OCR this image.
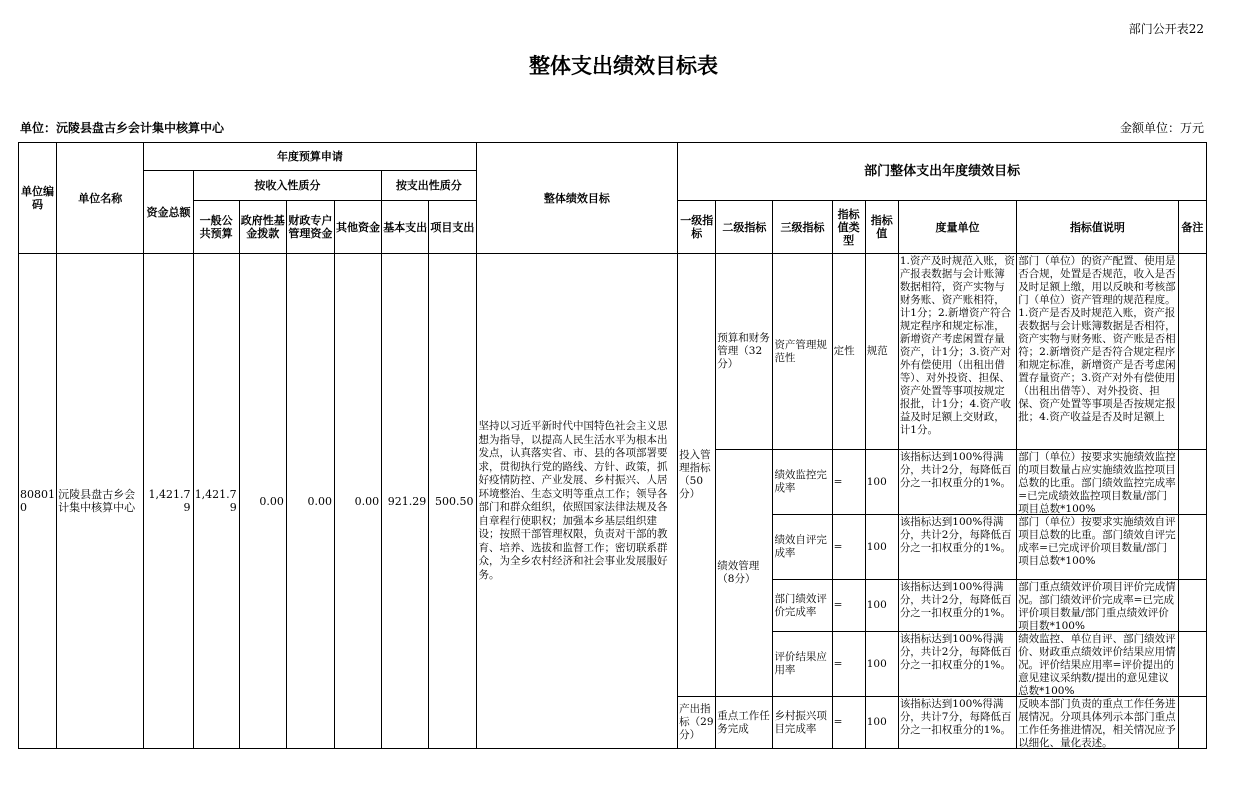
部门公开表22
整体支出绩效目标表
单位：沅陵县盘古乡会计集中核算中心	金额单位：万元
单位编码	单位名称	年度预算申请							整体绩效目标	部门整体支出年度绩效目标							
		资金总额	按收入性质分				按支出性质分										
			一般公共预算	政府性基金拨款	财政专户管理资金	其他资金	基本支出	项目支出		一级指标	二级指标	三级指标	指标值类型	指标值	度量单位	指标值说明	备注
808010	沅陵县盘古乡会计集中核算中心	1,421.79	1,421.79	0.00	0.00	0.00	921.29	500.50	坚持以习近平新时代中国特色社会主义思想为指导，以提高人民生活水平为根本出发点，认真落实省、市、县的各项部署要求，贯彻执行党的路线、方针、政策，抓好疫情防控、产业发展、乡村振兴、人居环境整治、生态文明等重点工作；领导各部门和群众组织，依照国家法律法规及各自章程行使职权；加强本乡基层组织建设；按照干部管理权限，负责对干部的教育、培养、选拔和监督工作；密切联系群众，为全乡农村经济和社会事业发展服好务。	投入管理指标（50分）	预算和财务管理（32分）	资产管理规范性	定性	规范	1.资产及时规范入账，资产报表数据与会计账簿数据相符，资产实物与财务账、资产账相符，计1分；2.新增资产符合规定程序和规定标准，新增资产考虑闲置存量资产，计1分；3.资产对外有偿使用（出租出借等）、对外投资、担保、资产处置等事项按规定报批，计1分；4.资产收益及时足额上交财政，计1分。	部门（单位）的资产配置、使用是否合规，处置是否规范，收入是否及时足额上缴，用以反映和考核部门（单位）资产管理的规范程度。1.资产是否及时规范入账，资产报表数据与会计账簿数据是否相符，资产实物与财务账、资产账是否相符；2.新增资产是否符合规定程序和规定标准，新增资产是否考虑闲置存量资产；3.资产对外有偿使用（出租出借等）、对外投资、担保、资产处置等事项是否按规定报批；4.资产收益是否及时足额上	

											绩效管理（8分）	绩效监控完成率	=	100	该指标达到100%得满分，共计2分，每降低百分之一扣权重分的1%。	部门（单位）按要求实施绩效监控的项目数量占应实施绩效监控项目总数的比重。部门绩效监控完成率=已完成绩效监控项目数量/部门项目总数*100%	

												绩效自评完成率	=	100	该指标达到100%得满分，共计2分，每降低百分之一扣权重分的1%。	部门（单位）按要求实施绩效自评项目总数的比重。部门绩效自评完成率=已完成评价项目数量/部门项目总数*100%	

												部门绩效评价完成率	=	100	该指标达到100%得满分，共计2分，每降低百分之一扣权重分的1%。	部门重点绩效评价项目评价完成情况。部门绩效评价完成率=已完成评价项目数量/部门重点绩效评价项目数*100%	

												评价结果应用率	=	100	该指标达到100%得满分，共计2分，每降低百分之一扣权重分的1%。	绩效监控、单位自评、部门绩效评价、财政重点绩效评价结果应用情况。评价结果应用率=评价提出的意见建议采纳数/提出的意见建议总数*100%	

										产出指标（29分）	重点工作任务完成	乡村振兴项目完成率	=	100	该指标达到100%得满分，共计7分，每降低百分之一扣权重分的1%。	反映本部门负责的重点工作任务进展情况。分项具体列示本部门重点工作任务推进情况，相关情况应予以细化、量化表述。	
